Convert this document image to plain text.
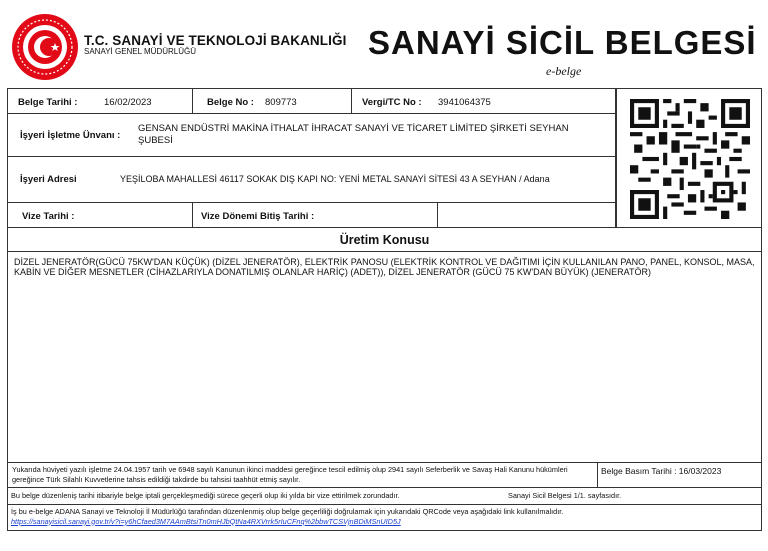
T.C. SANAYİ VE TEKNOLOJİ BAKANLIĞI
SANAYİ GENEL MÜDÜRLÜĞÜ	SANAYİ SİCİL BELGESİ
e-belge
Belge Tarihi :	16/02/2023	Belge No : 809773	Vergi/TC No : 3941064375
İşyeri İşletme Ünvanı :
GENSAN ENDÜSTRİ MAKİNA İTHALAT İHRACAT SANAYİ VE TİCARET LİMİTED ŞİRKETİ SEYHAN ŞUBESİ
İşyeri Adresi	YEŞİLOBA MAHALLESİ 46117 SOKAK DIŞ KAPI NO: YENİ METAL SANAYİ SİTESİ 43 A SEYHAN / Adana
Vize Tarihi :	Vize Dönemi Bitiş Tarihi :
Üretim Konusu
DİZEL JENERATÖR(GÜCÜ 75KW'DAN KÜÇÜK) (DİZEL JENERATÖR), ELEKTRİK PANOSU (ELEKTRİK KONTROL VE DAĞITIMI İÇİN KULLANILAN PANO, PANEL, KONSOL, MASA, KABİN VE DİĞER MESNETLER (CİHAZLARIYLA DONATILMIŞ OLANLAR HARİÇ) (ADET)), DİZEL JENERATÖR (GÜCÜ 75 KW'DAN BÜYÜK) (JENERATÖR)
Yukarıda hüviyeti yazılı işletme 24.04.1957 tarih ve 6948 sayılı Kanunun ikinci maddesi gereğince tescil edilmiş olup 2941 sayılı Seferberlik ve Savaş Hali Kanunu hükümleri gereğince Türk Silahlı Kuvvetlerine tahsis edildiği takdirde bu tahsisi taahhüt etmiş sayılır.
Belge Basım Tarihi : 16/03/2023
Bu belge düzenleniş tarihi itibariyle belge iptali gerçekleşmediği sürece geçerli olup iki yılda bir vize ettirilmek zorundadır.	Sanayi Sicil Belgesi 1/1. sayfasıdır.
İş bu e-belge ADANA Sanayi ve Teknoloji İl Müdürlüğü tarafından düzenlenmiş olup belge geçerliliği doğrulamak için yukarıdaki QRCode veya aşağıdaki link kullanılmalıdır.
https://sanayisicil.sanayi.gov.tr/v?i=y6hCfaed3M7AAmBtsiTn0mHJbQtNa4RXVrrk5rIuCFnq%2bbwTCSVjnBDiMSnUID5J
